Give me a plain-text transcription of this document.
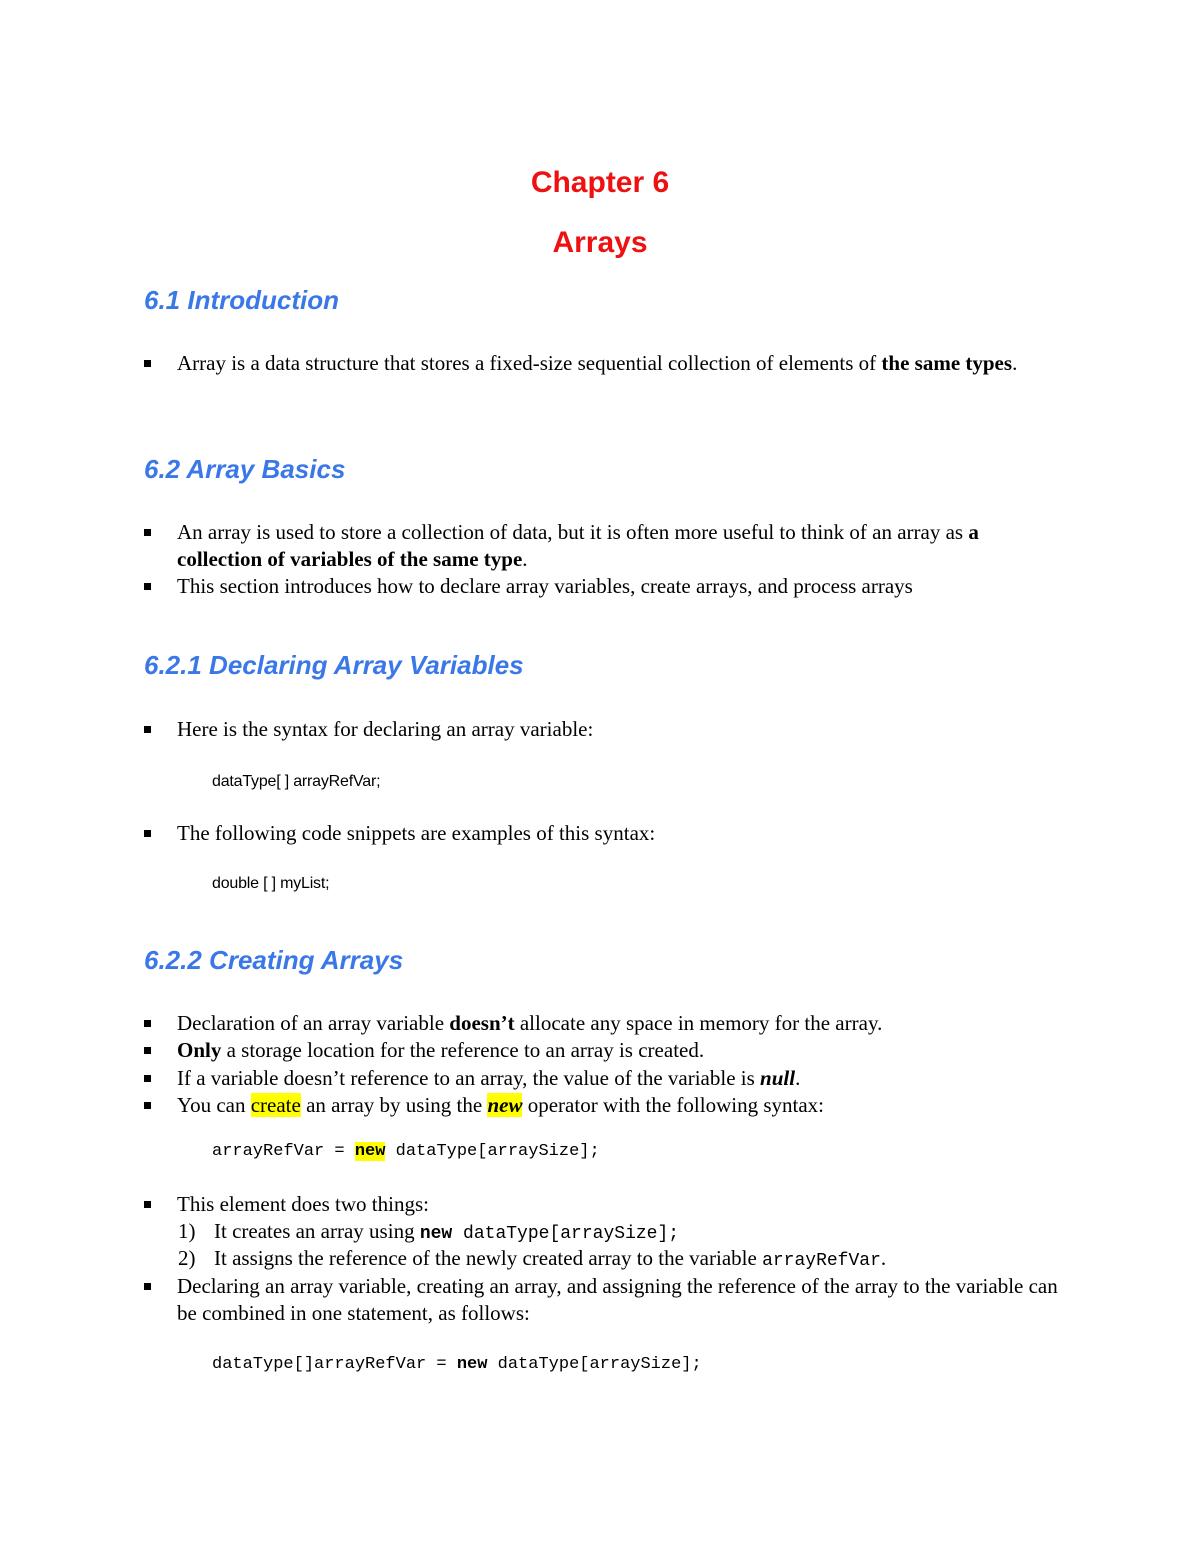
Chapter 6
Arrays
6.1 Introduction
Array is a data structure that stores a fixed-size sequential collection of elements of the same types.
6.2 Array Basics
An array is used to store a collection of data, but it is often more useful to think of an array as a collection of variables of the same type.
This section introduces how to declare array variables, create arrays, and process arrays
6.2.1 Declaring Array Variables
Here is the syntax for declaring an array variable:
dataType[ ] arrayRefVar;
The following code snippets are examples of this syntax:
double [ ] myList;
6.2.2 Creating Arrays
Declaration of an array variable doesn’t allocate any space in memory for the array.
Only a storage location for the reference to an array is created.
If a variable doesn’t reference to an array, the value of the variable is null.
You can create an array by using the new operator with the following syntax:
arrayRefVar = new dataType[arraySize];
This element does two things:
1) It creates an array using new dataType[arraySize];
2) It assigns the reference of the newly created array to the variable arrayRefVar.
Declaring an array variable, creating an array, and assigning the reference of the array to the variable can be combined in one statement, as follows:
dataType[]arrayRefVar = new dataType[arraySize];
